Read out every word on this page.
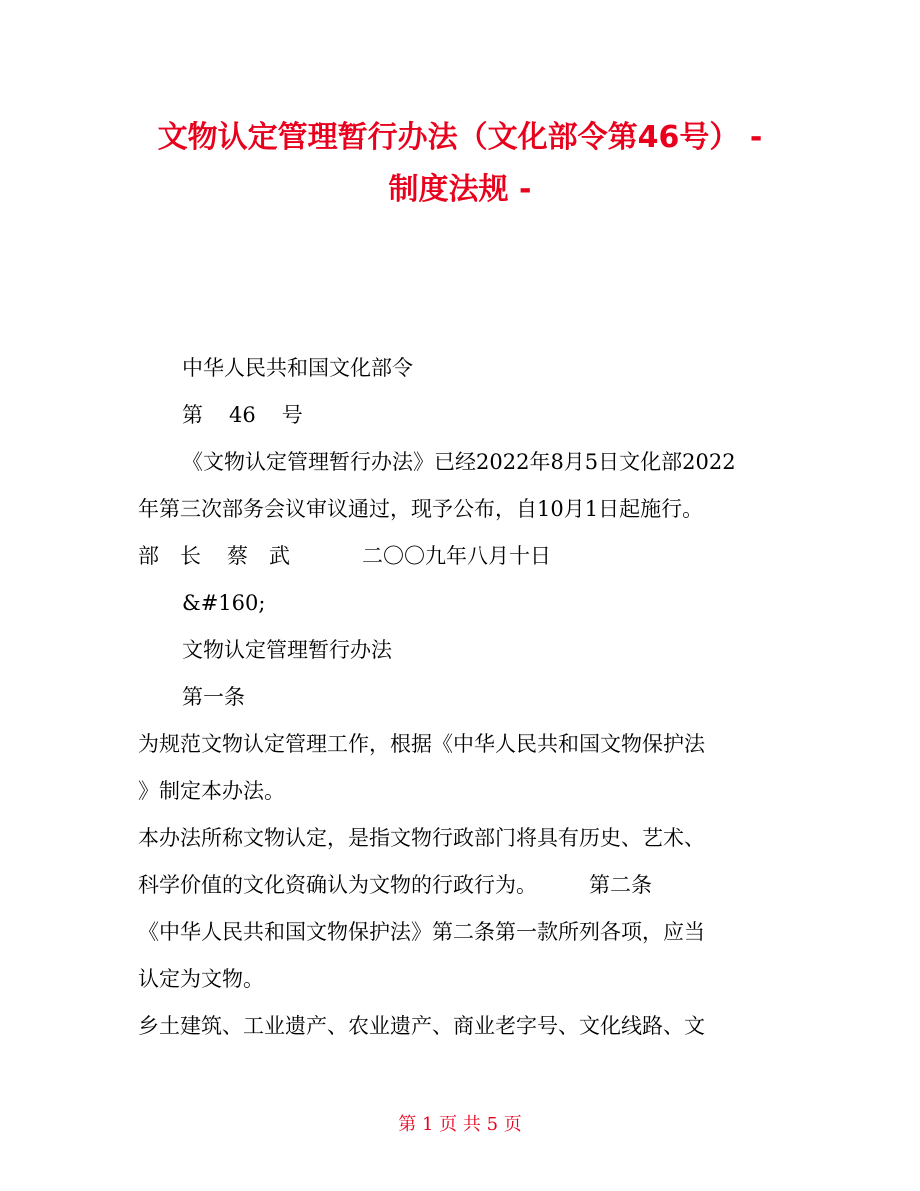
文物认定管理暂行办法（文化部令第46号） -
制度法规 -

中华人民共和国文化部令

第 46 号

《文物认定管理暂行办法》已经2022年8月5日文化部2022

年第三次部务会议审议通过，现予公布，自10月1日起施行。

部　长 蔡　武	二〇〇九年八月十日

&#160;

文物认定管理暂行办法

第一条

为规范文物认定管理工作，根据《中华人民共和国文物保护法

》制定本办法。

本办法所称文物认定，是指文物行政部门将具有历史、艺术、

科学价值的文化资确认为文物的行政行为。 第二条

《中华人民共和国文物保护法》第二条第一款所列各项，应当

认定为文物。

乡土建筑、工业遗产、农业遗产、商业老字号、文化线路、文

第 1 页 共 5 页
